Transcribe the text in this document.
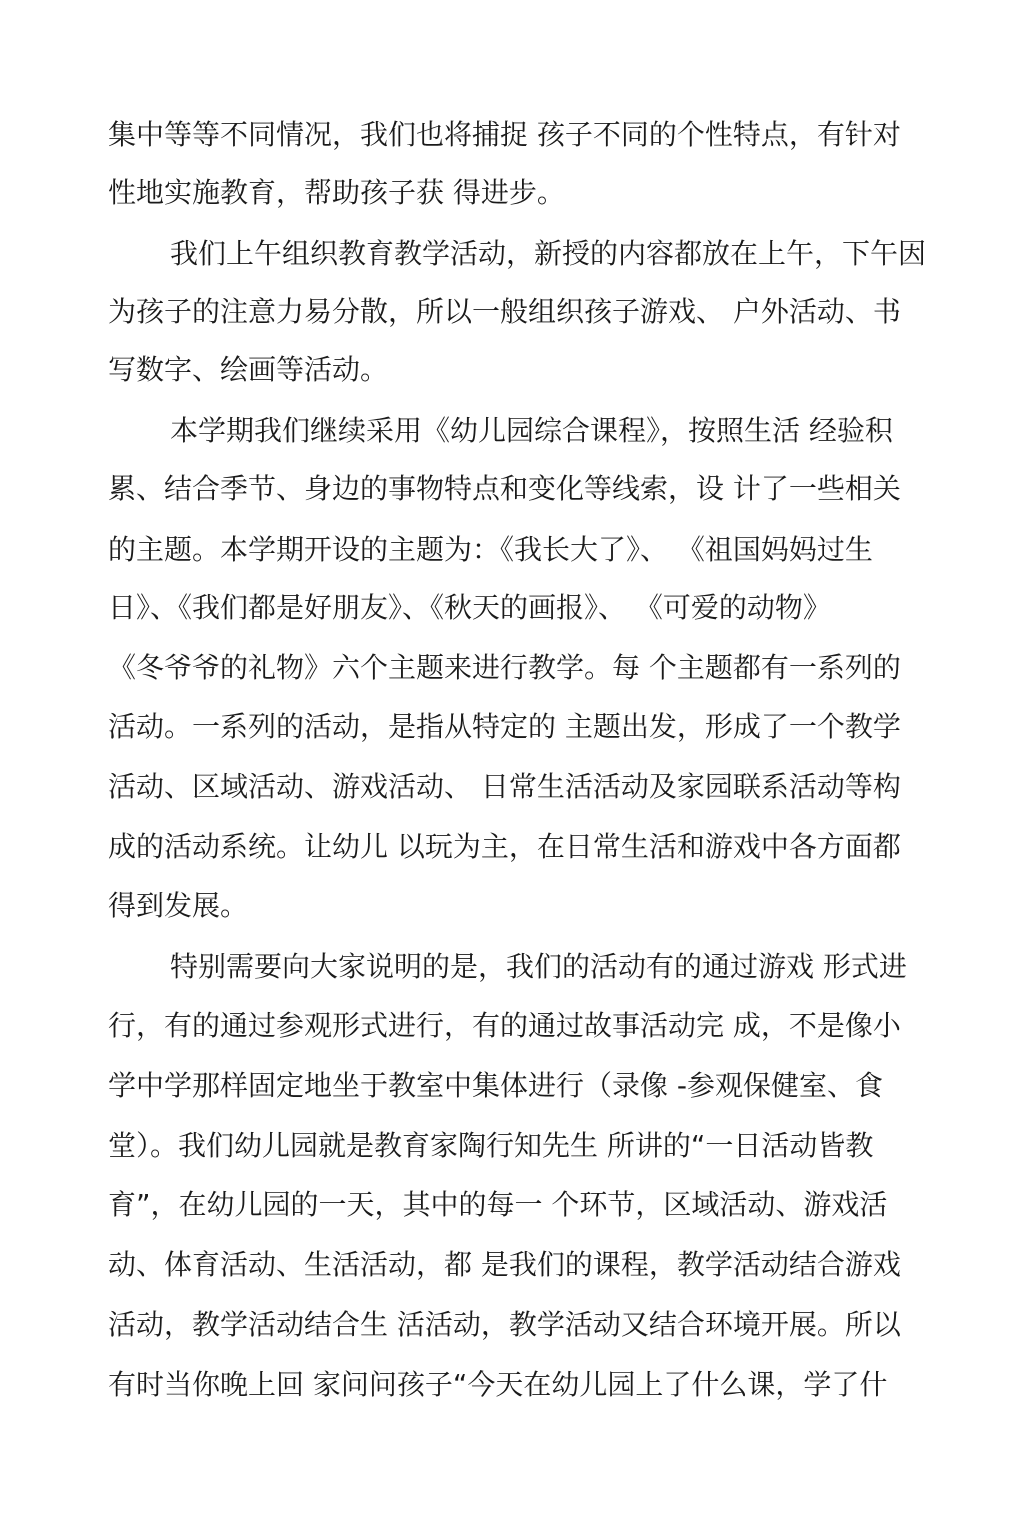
集中等等不同情况，我们也将捕捉 孩子不同的个性特点，有针对
性地实施教育，帮助孩子获 得进步。
我们上午组织教育教学活动，新授的内容都放在上午，下午因
为孩子的注意力易分散，所以一般组织孩子游戏、 户外活动、书
写数字、绘画等活动。
本学期我们继续采用《幼儿园综合课程》，按照生活 经验积
累、结合季节、身边的事物特点和变化等线索，设 计了一些相关
的主题。本学期开设的主题为：《我长大了》、 《祖国妈妈过生
日》、《我们都是好朋友》、《秋天的画报》、 《可爱的动物》
《冬爷爷的礼物》六个主题来进行教学。每 个主题都有一系列的
活动。一系列的活动，是指从特定的 主题出发，形成了一个教学
活动、区域活动、游戏活动、 日常生活活动及家园联系活动等构
成的活动系统。让幼儿 以玩为主，在日常生活和游戏中各方面都
得到发展。
特别需要向大家说明的是，我们的活动有的通过游戏 形式进
行，有的通过参观形式进行，有的通过故事活动完 成，不是像小
学中学那样固定地坐于教室中集体进行（录像 -参观保健室、食
堂）。我们幼儿园就是教育家陶行知先生 所讲的“一日活动皆教
育”，在幼儿园的一天，其中的每一 个环节，区域活动、游戏活
动、体育活动、生活活动，都 是我们的课程，教学活动结合游戏
活动，教学活动结合生 活活动，教学活动又结合环境开展。所以
有时当你晚上回 家问问孩子“今天在幼儿园上了什么课，学了什
